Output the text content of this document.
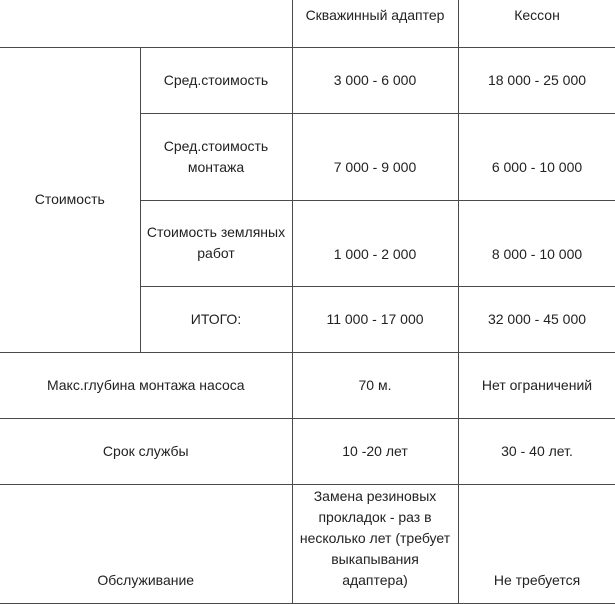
		Скважинный адаптер	Кессон
Стоимость	Сред.стоимость	3 000 - 6 000	18 000 - 25 000
	Сред.стоимость монтажа	7 000 - 9 000	6 000 - 10 000
	Стоимость земляных работ	1 000 - 2 000	8 000 - 10 000
	ИТОГО:	11 000 - 17 000	32 000 - 45 000
Макс.глубина монтажа насоса		70 м.	Нет ограничений
Срок службы		10 -20 лет	30 - 40 лет.
Обслуживание		Замена резиновых прокладок - раз в несколько лет (требует выкапывания адаптера)	Не требуется
